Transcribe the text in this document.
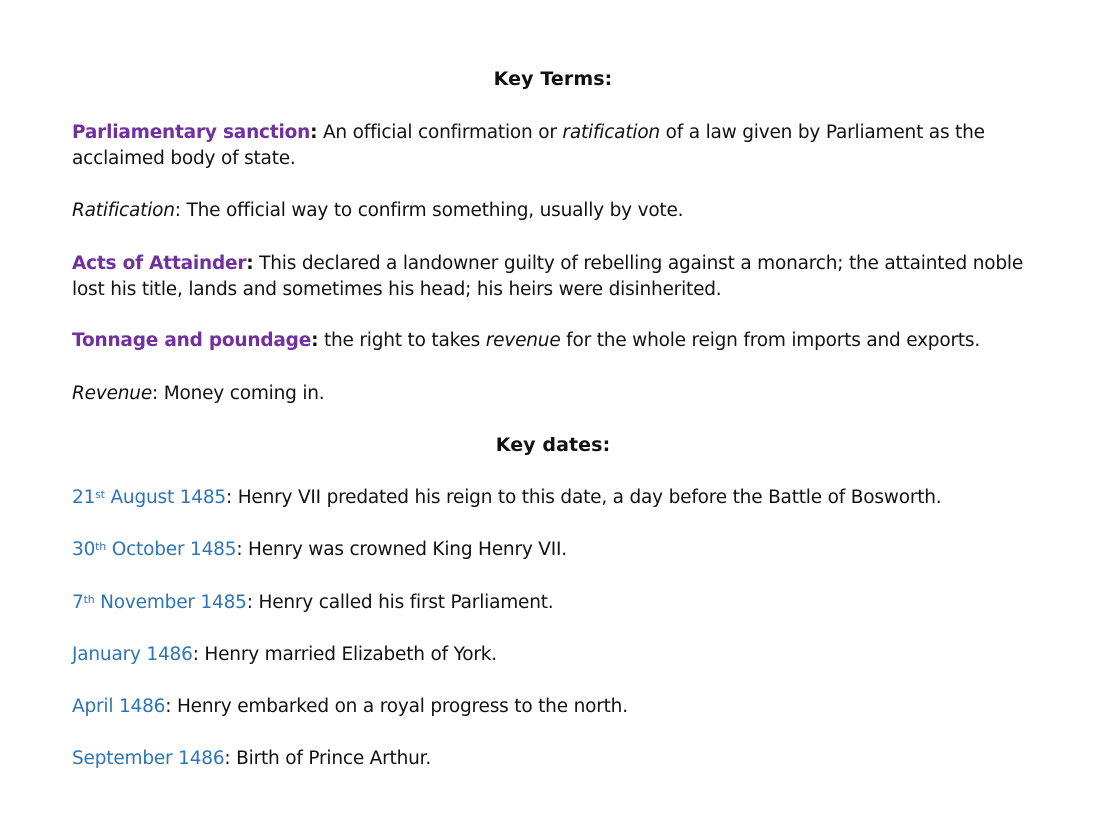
Key Terms:
Parliamentary sanction: An official confirmation or ratification of a law given by Parliament as the
acclaimed body of state.
Ratification: The official way to confirm something, usually by vote.
Acts of Attainder: This declared a landowner guilty of rebelling against a monarch; the attainted noble
lost his title, lands and sometimes his head; his heirs were disinherited.
Tonnage and poundage: the right to takes revenue for the whole reign from imports and exports.
Revenue: Money coming in.
Key dates:
21st August 1485: Henry VII predated his reign to this date, a day before the Battle of Bosworth.
30th October 1485: Henry was crowned King Henry VII.
7th November 1485: Henry called his first Parliament.
January 1486: Henry married Elizabeth of York.
April 1486: Henry embarked on a royal progress to the north.
September 1486: Birth of Prince Arthur.
